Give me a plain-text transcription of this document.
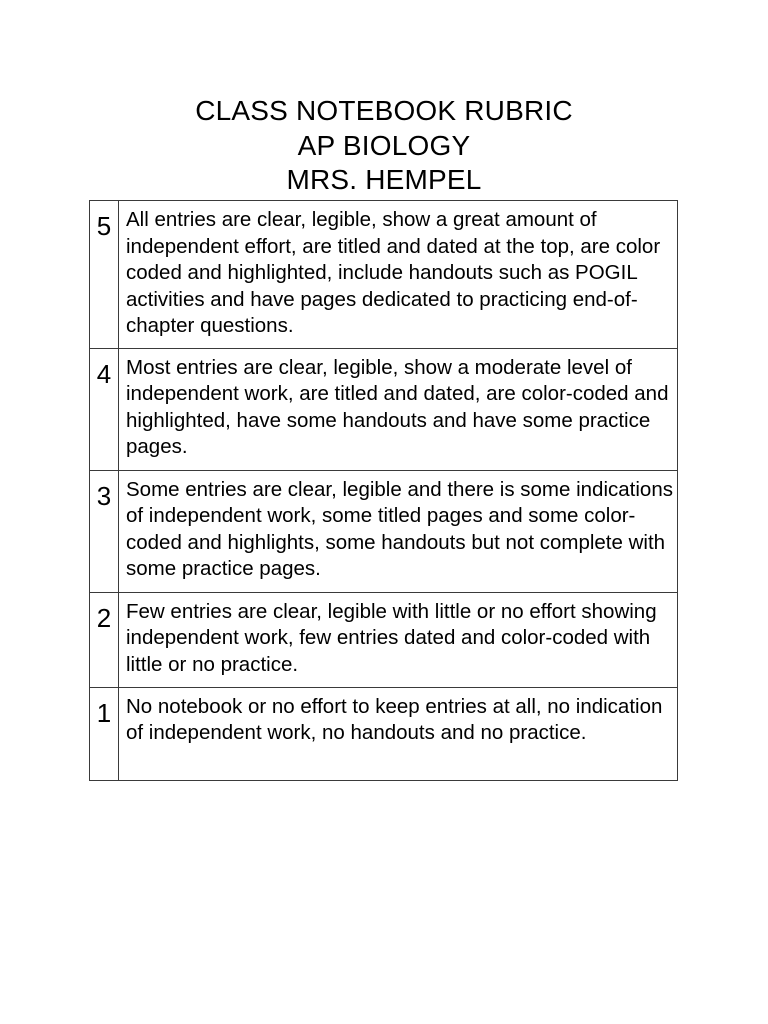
CLASS NOTEBOOK RUBRIC
AP BIOLOGY
MRS. HEMPEL
5	All entries are clear, legible, show a great amount of independent effort, are titled and dated at the top, are color coded and highlighted, include handouts such as POGIL activities and have pages dedicated to practicing end-of-chapter questions.
4	Most entries are clear, legible, show a moderate level of independent work, are titled and dated, are color-coded and highlighted, have some handouts and have some practice pages.
3	Some entries are clear, legible and there is some indications of independent work, some titled pages and some color-coded and highlights, some handouts but not complete with some practice pages.
2	Few entries are clear, legible with little or no effort showing independent work, few entries dated and color-coded with little or no practice.
1	No notebook or no effort to keep entries at all, no indication of independent work, no handouts and no practice.
